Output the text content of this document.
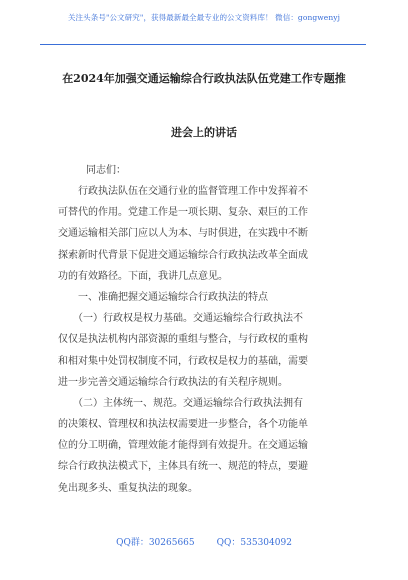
关注头条号"公文研究"，获得最新最全最专业的公文资料库！ 微信：gongwenyj
在2024年加强交通运输综合行政执法队伍党建工作专题推
进会上的讲话
同志们：
　　行政执法队伍在交通行业的监督管理工作中发挥着不
可替代的作用。党建工作是一项长期、复杂、艰巨的工作
交通运输相关部门应以人为本、与时俱进，在实践中不断
探索新时代背景下促进交通运输综合行政执法改革全面成
功的有效路径。下面，我讲几点意见。
　　一、准确把握交通运输综合行政执法的特点
　　（一）行政权是权力基础。交通运输综合行政执法不
仅仅是执法机构内部资源的重组与整合，与行政权的重构
和相对集中处罚权制度不同，行政权是权力的基础，需要
进一步完善交通运输综合行政执法的有关程序规则。
　　（二）主体统一、规范。交通运输综合行政执法拥有
的决策权、管理权和执法权需要进一步整合，各个功能单
位的分工明确，管理效能才能得到有效提升。在交通运输
综合行政执法模式下，主体具有统一、规范的特点，要避
免出现多头、重复执法的现象。
QQ群：30265665 QQ：535304092
